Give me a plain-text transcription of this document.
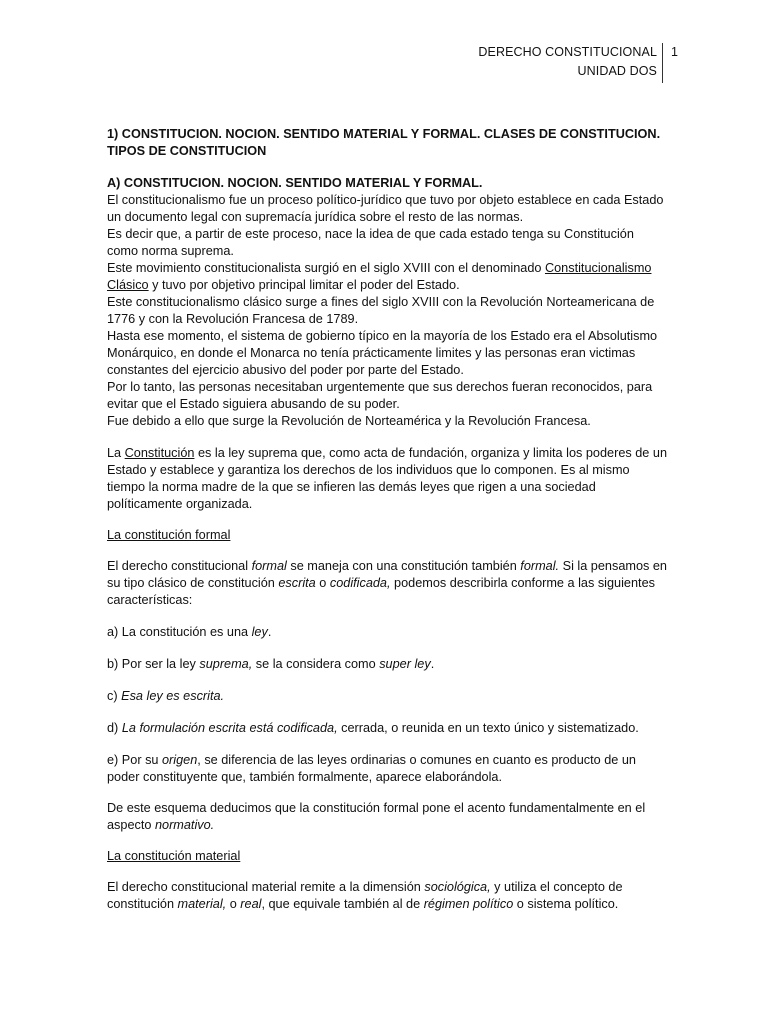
DERECHO CONSTITUCIONAL
UNIDAD DOS
1

1) CONSTITUCION. NOCION. SENTIDO MATERIAL Y FORMAL. CLASES DE CONSTITUCION. TIPOS DE CONSTITUCION

A) CONSTITUCION. NOCION. SENTIDO MATERIAL Y FORMAL.

El constitucionalismo fue un proceso político-jurídico que tuvo por objeto establece en cada Estado un documento legal con supremacía jurídica sobre el resto de las normas.

Es decir que, a partir de este proceso, nace la idea de que cada estado tenga su Constitución como norma suprema.

Este movimiento constitucionalista surgió en el siglo XVIII con el denominado Constitucionalismo Clásico y tuvo por objetivo principal limitar el poder del Estado.

Este constitucionalismo clásico surge a fines del siglo XVIII con la Revolución Norteamericana de 1776 y con la Revolución Francesa de 1789.

Hasta ese momento, el sistema de gobierno típico en la mayoría de los Estado era el Absolutismo Monárquico, en donde el Monarca no tenía prácticamente limites y las personas eran victimas constantes del ejercicio abusivo del poder por parte del Estado.

Por lo tanto, las personas necesitaban urgentemente que sus derechos fueran reconocidos, para evitar que el Estado siguiera abusando de su poder.

Fue debido a ello que surge la Revolución de Norteamérica y la Revolución Francesa.

La Constitución es la ley suprema que, como acta de fundación, organiza y limita los poderes de un Estado y establece y garantiza los derechos de los individuos que lo componen. Es al mismo tiempo la norma madre de la que se infieren las demás leyes que rigen a una sociedad políticamente organizada.

La constitución formal

El derecho constitucional formal se maneja con una constitución también formal. Si la pensamos en su tipo clásico de constitución escrita o codificada, podemos describirla conforme a las siguientes características:

a) La constitución es una ley.

b) Por ser la ley suprema, se la considera como super ley.

c) Esa ley es escrita.

d) La formulación escrita está codificada, cerrada, o reunida en un texto único y sistematizado.

e) Por su origen, se diferencia de las leyes ordinarias o comunes en cuanto es producto de un poder constituyente que, también formalmente, aparece elaborándola.

De este esquema deducimos que la constitución formal pone el acento fundamentalmente en el aspecto normativo.

La constitución material

El derecho constitucional material remite a la dimensión sociológica, y utiliza el concepto de constitución material, o real, que equivale también al de régimen político o sistema político.
